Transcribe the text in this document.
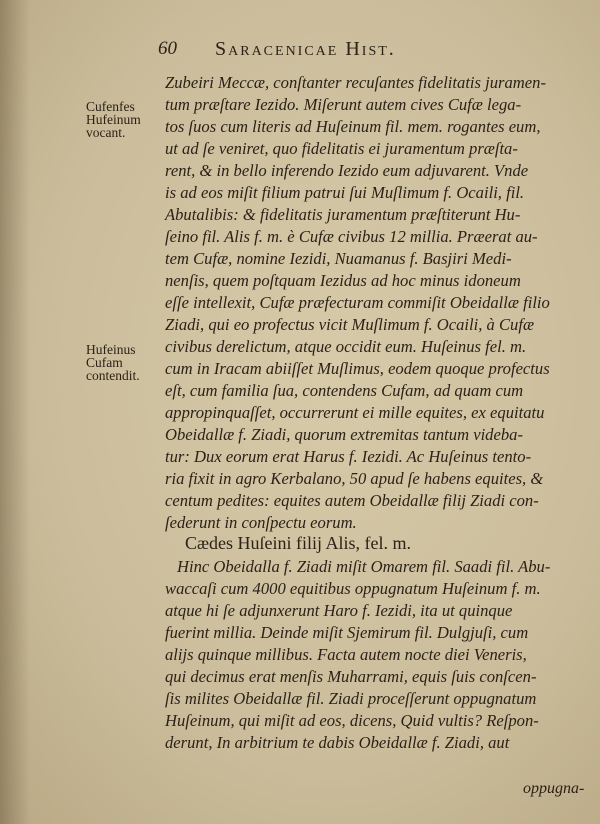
60 Saracenicae Hist.
Cufenfes
Hufeinum
vocant.
Hufeinus
Cufam
contendit.
Zubeiri Meccæ, conſtanter recuſantes fidelitatis juramen-
tum præſtare Iezido. Miſerunt autem cives Cufæ lega-
tos ſuos cum literis ad Huſeinum fil. mem. rogantes eum,
ut ad ſe veniret, quo fidelitatis ei juramentum præſta-
rent, & in bello inferendo Iezido eum adjuvarent. Vnde
is ad eos miſit filium patrui ſui Muſlimum f. Ocaili, fil.
Abutalibis: & fidelitatis juramentum præſtiterunt Hu-
ſeino fil. Alis f. m. è Cufæ civibus 12 millia. Præerat au-
tem Cufæ, nomine Iezidi, Nuamanus f. Basjiri Medi-
nenſis, quem poſtquam Iezidus ad hoc minus idoneum
eſſe intellexit, Cufæ præfecturam commiſit Obeidallæ filio
Ziadi, qui eo profectus vicit Muſlimum f. Ocaili, à Cufæ
civibus derelictum, atque occidit eum. Huſeinus fel. m.
cum in Iracam abiiſſet Muſlimus, eodem quoque profectus
eſt, cum familia ſua, contendens Cufam, ad quam cum
appropinquaſſet, occurrerunt ei mille equites, ex equitatu
Obeidallæ f. Ziadi, quorum extremitas tantum videba-
tur: Dux eorum erat Harus f. Iezidi. Ac Huſeinus tento-
ria fixit in agro Kerbalano, 50 apud ſe habens equites, &
centum pedites: equites autem Obeidallæ filij Ziadi con-
ſederunt in conſpectu eorum.
Cædes Huſeini filij Alis, fel. m.
Hinc Obeidalla f. Ziadi miſit Omarem fil. Saadi fil. Abu-
waccaſi cum 4000 equitibus oppugnatum Huſeinum f. m.
atque hi ſe adjunxerunt Haro f. Iezidi, ita ut quinque
fuerint millia. Deinde miſit Sjemirum fil. Dulgjuſi, cum
alijs quinque millibus. Facta autem nocte diei Veneris,
qui decimus erat menſis Muharrami, equis ſuis conſcen-
ſis milites Obeidallæ fil. Ziadi proceſſerunt oppugnatum
Huſeinum, qui miſit ad eos, dicens, Quid vultis? Reſpon-
derunt, In arbitrium te dabis Obeidallæ f. Ziadi, aut
oppugna-
